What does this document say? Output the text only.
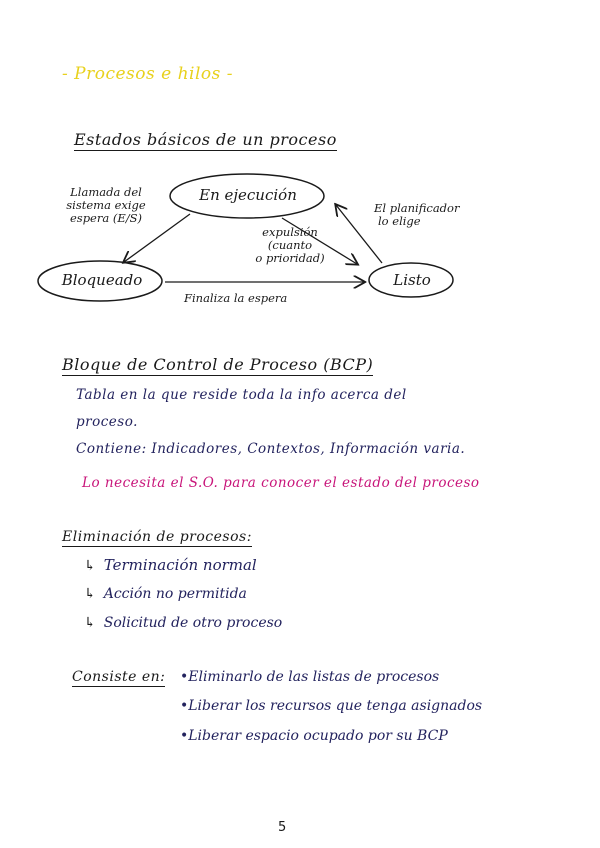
- Procesos e hilos -
Estados básicos de un proceso
En ejecución
Bloqueado	Listo
Llamada del
sistema exige
espera (E/S)
El planificador
lo elige
expulsión
(cuanto
o prioridad)
Finaliza la espera
Bloque de Control de Proceso (BCP)
Tabla en la que reside toda la info acerca del
proceso.
Contiene: Indicadores, Contextos, Información varia.
Lo necesita el S.O. para conocer el estado del proceso
Eliminación de procesos:
↳ Terminación normal
↳ Acción no permitida
↳ Solicitud de otro proceso
Consiste en: •Eliminarlo de las listas de procesos
•Liberar los recursos que tenga asignados
•Liberar espacio ocupado por su BCP
5
